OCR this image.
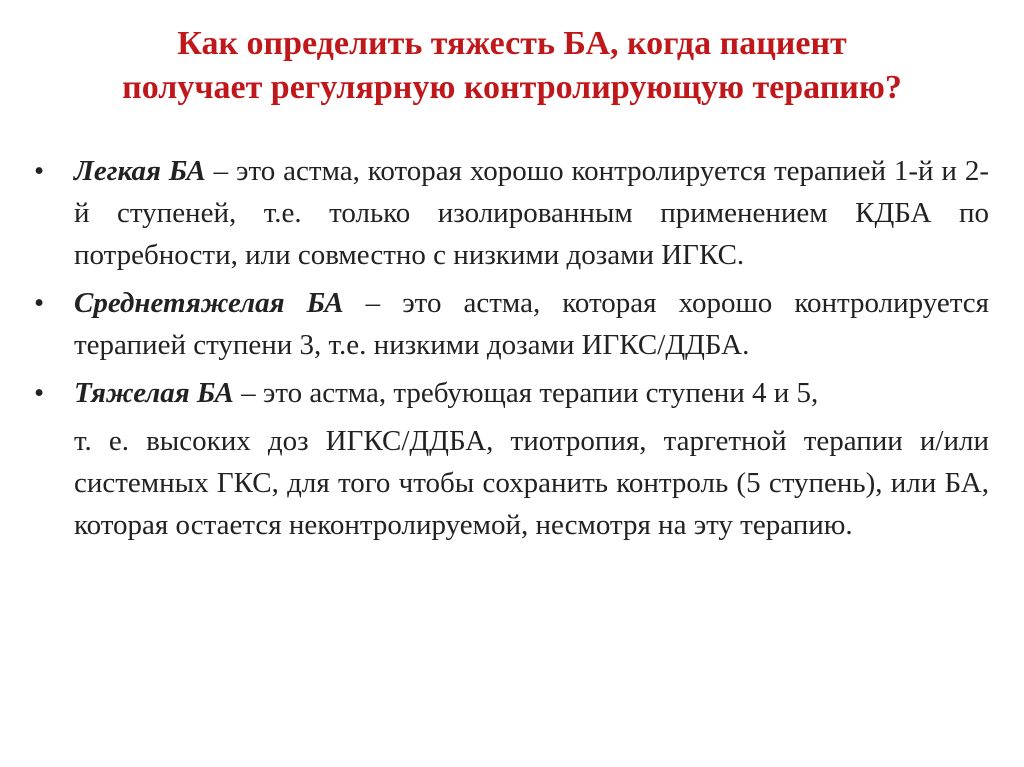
Как определить тяжесть БА, когда пациент
получает регулярную контролирующую терапию?

• Легкая БА – это астма, которая хорошо контролируется терапией 1-й и 2-й ступеней, т.е. только изолированным применением КДБА по потребности, или совместно с низкими дозами ИГКС.

• Среднетяжелая БА – это астма, которая хорошо контролируется терапией ступени 3, т.е. низкими дозами ИГКС/ДДБА.

• Тяжелая БА – это астма, требующая терапии ступени 4 и 5,

т. е. высоких доз ИГКС/ДДБА, тиотропия, таргетной терапии и/или системных ГКС, для того чтобы сохранить контроль (5 ступень), или БА, которая остается неконтролируемой, несмотря на эту терапию.
